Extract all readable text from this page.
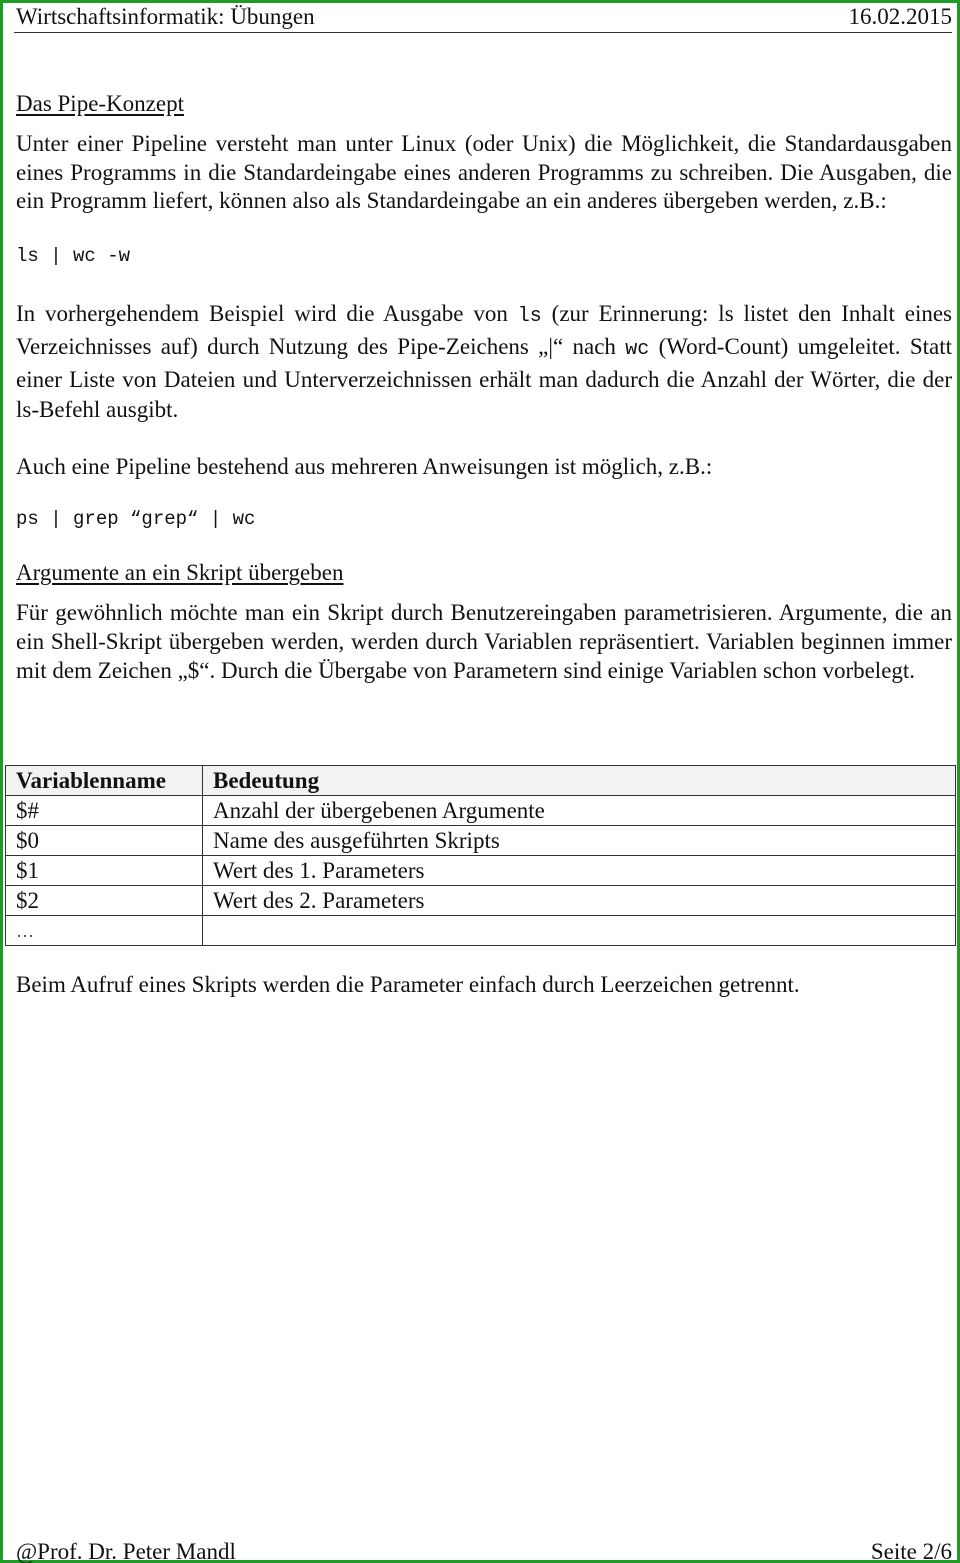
Wirtschaftsinformatik: Übungen	16.02.2015
Das Pipe-Konzept

Unter einer Pipeline versteht man unter Linux (oder Unix) die Möglichkeit, die Standardausgaben eines Programms in die Standardeingabe eines anderen Programms zu schreiben. Die Ausgaben, die ein Programm liefert, können also als Standardeingabe an ein anderes übergeben werden, z.B.:

ls | wc -w

In vorhergehendem Beispiel wird die Ausgabe von ls (zur Erinnerung: ls listet den Inhalt eines Verzeichnisses auf) durch Nutzung des Pipe-Zeichens „|“ nach wc (Word-Count) umgeleitet. Statt einer Liste von Dateien und Unterverzeichnissen erhält man dadurch die Anzahl der Wörter, die der ls-Befehl ausgibt.

Auch eine Pipeline bestehend aus mehreren Anweisungen ist möglich, z.B.:

ps | grep “grep“ | wc
Argumente an ein Skript übergeben

Für gewöhnlich möchte man ein Skript durch Benutzereingaben parametrisieren. Argumente, die an ein Shell-Skript übergeben werden, werden durch Variablen repräsentiert. Variablen beginnen immer mit dem Zeichen „$“. Durch die Übergabe von Parametern sind einige Variablen schon vorbelegt.

Variablenname	Bedeutung
$#	Anzahl der übergebenen Argumente
$0	Name des ausgeführten Skripts
$1	Wert des 1. Parameters
$2	Wert des 2. Parameters
…	
Beim Aufruf eines Skripts werden die Parameter einfach durch Leerzeichen getrennt.
@Prof. Dr. Peter Mandl	Seite 2/6
